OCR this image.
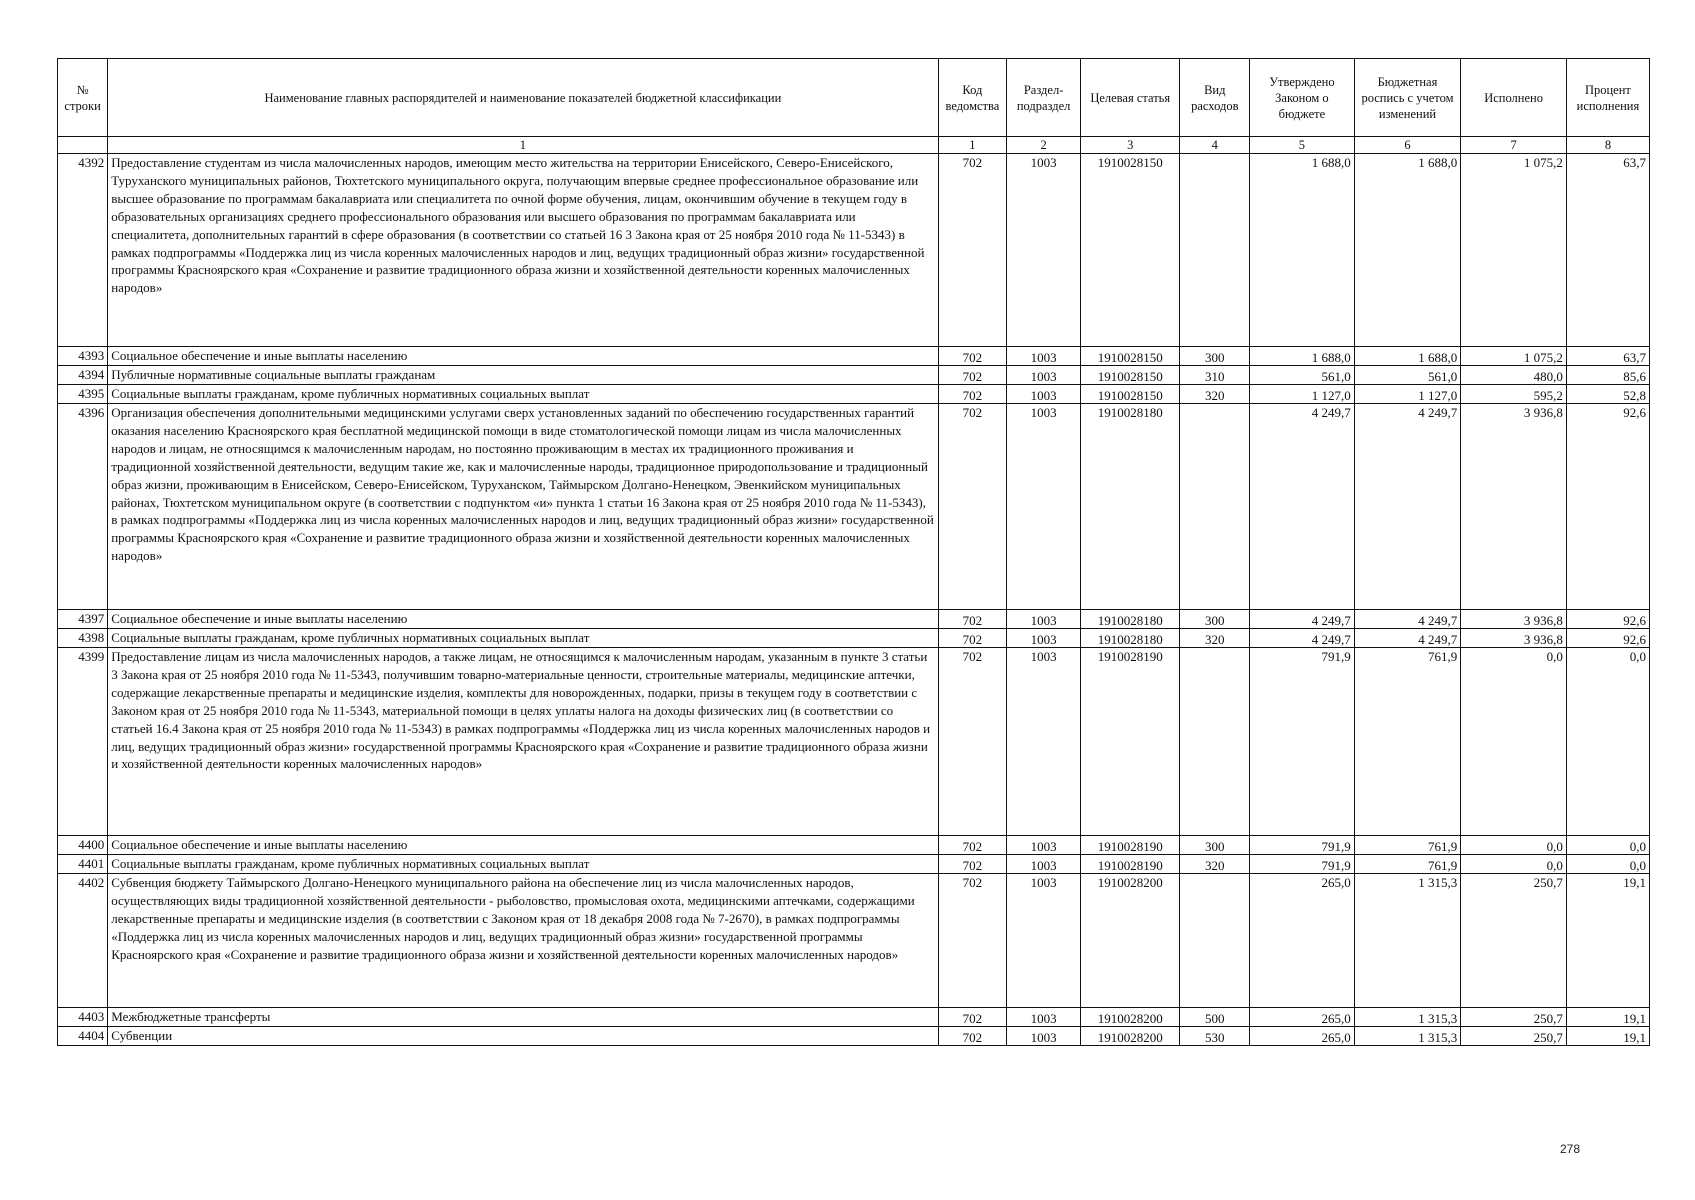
№ строки	Наименование главных распорядителей и наименование показателей бюджетной классификации	Код ведомства	Раздел-подраздел	Целевая статья	Вид расходов	Утверждено Законом о бюджете	Бюджетная роспись с учетом изменений	Исполнено	Процент исполнения
	1	1	2	3	4	5	6	7	8
4392	Предоставление студентам из числа малочисленных народов, имеющим место жительства на территории Енисейского, Северо-Енисейского, Туруханского муниципальных районов, Тюхтетского муниципального округа, получающим впервые среднее профессиональное образование или высшее образование по программам бакалавриата или специалитета по очной форме обучения, лицам, окончившим обучение в текущем году в образовательных организациях среднего профессионального образования или высшего образования по программам бакалавриата или специалитета, дополнительных гарантий в сфере образования (в соответствии со статьей 16 3 Закона края от 25 ноября 2010 года № 11-5343) в рамках подпрограммы «Поддержка лиц из числа коренных малочисленных народов и лиц, ведущих традиционный образ жизни» государственной программы Красноярского края «Сохранение и развитие традиционного образа жизни и хозяйственной деятельности коренных малочисленных народов»	702	1003	1910028150		1 688,0	1 688,0	1 075,2	63,7
4393	Социальное обеспечение и иные выплаты населению	702	1003	1910028150	300	1 688,0	1 688,0	1 075,2	63,7
4394	Публичные нормативные социальные выплаты гражданам	702	1003	1910028150	310	561,0	561,0	480,0	85,6
4395	Социальные выплаты гражданам, кроме публичных нормативных социальных выплат	702	1003	1910028150	320	1 127,0	1 127,0	595,2	52,8
4396	Организация обеспечения дополнительными медицинскими услугами сверх установленных заданий по обеспечению государственных гарантий оказания населению Красноярского края бесплатной медицинской помощи в виде стоматологической помощи лицам из числа малочисленных народов и лицам, не относящимся к малочисленным народам, но постоянно проживающим в местах их традиционного проживания и традиционной хозяйственной деятельности, ведущим такие же, как и малочисленные народы, традиционное природопользование и традиционный образ жизни, проживающим в Енисейском, Северо-Енисейском, Туруханском, Таймырском Долгано-Ненецком, Эвенкийском муниципальных районах, Тюхтетском муниципальном округе (в соответствии с подпунктом «и» пункта 1 статьи 16 Закона края от 25 ноября 2010 года № 11-5343), в рамках подпрограммы «Поддержка лиц из числа коренных малочисленных народов и лиц, ведущих традиционный образ жизни» государственной программы Красноярского края «Сохранение и развитие традиционного образа жизни и хозяйственной деятельности коренных малочисленных народов»	702	1003	1910028180		4 249,7	4 249,7	3 936,8	92,6
4397	Социальное обеспечение и иные выплаты населению	702	1003	1910028180	300	4 249,7	4 249,7	3 936,8	92,6
4398	Социальные выплаты гражданам, кроме публичных нормативных социальных выплат	702	1003	1910028180	320	4 249,7	4 249,7	3 936,8	92,6
4399	Предоставление лицам из числа малочисленных народов, а также лицам, не относящимся к малочисленным народам, указанным в пункте 3 статьи 3 Закона края от 25 ноября 2010 года № 11-5343, получившим товарно-материальные ценности, строительные материалы, медицинские аптечки, содержащие лекарственные препараты и медицинские изделия, комплекты для новорожденных, подарки, призы в текущем году в соответствии с Законом края от 25 ноября 2010 года № 11-5343, материальной помощи в целях уплаты налога на доходы физических лиц (в соответствии со статьей 16.4 Закона края от 25 ноября 2010 года № 11-5343) в рамках подпрограммы «Поддержка лиц из числа коренных малочисленных народов и лиц, ведущих традиционный образ жизни» государственной программы Красноярского края «Сохранение и развитие традиционного образа жизни и хозяйственной деятельности коренных малочисленных народов»	702	1003	1910028190		791,9	761,9	0,0	0,0
4400	Социальное обеспечение и иные выплаты населению	702	1003	1910028190	300	791,9	761,9	0,0	0,0
4401	Социальные выплаты гражданам, кроме публичных нормативных социальных выплат	702	1003	1910028190	320	791,9	761,9	0,0	0,0
4402	Субвенция бюджету Таймырского Долгано-Ненецкого муниципального района на обеспечение лиц из числа малочисленных народов, осуществляющих виды традиционной хозяйственной деятельности - рыболовство, промысловая охота, медицинскими аптечками, содержащими лекарственные препараты и медицинские изделия (в соответствии с Законом края от 18 декабря 2008 года № 7-2670), в рамках подпрограммы «Поддержка лиц из числа коренных малочисленных народов и лиц, ведущих традиционный образ жизни» государственной программы Красноярского края «Сохранение и развитие традиционного образа жизни и хозяйственной деятельности коренных малочисленных народов»	702	1003	1910028200		265,0	1 315,3	250,7	19,1
4403	Межбюджетные трансферты	702	1003	1910028200	500	265,0	1 315,3	250,7	19,1
4404	Субвенции	702	1003	1910028200	530	265,0	1 315,3	250,7	19,1
278
